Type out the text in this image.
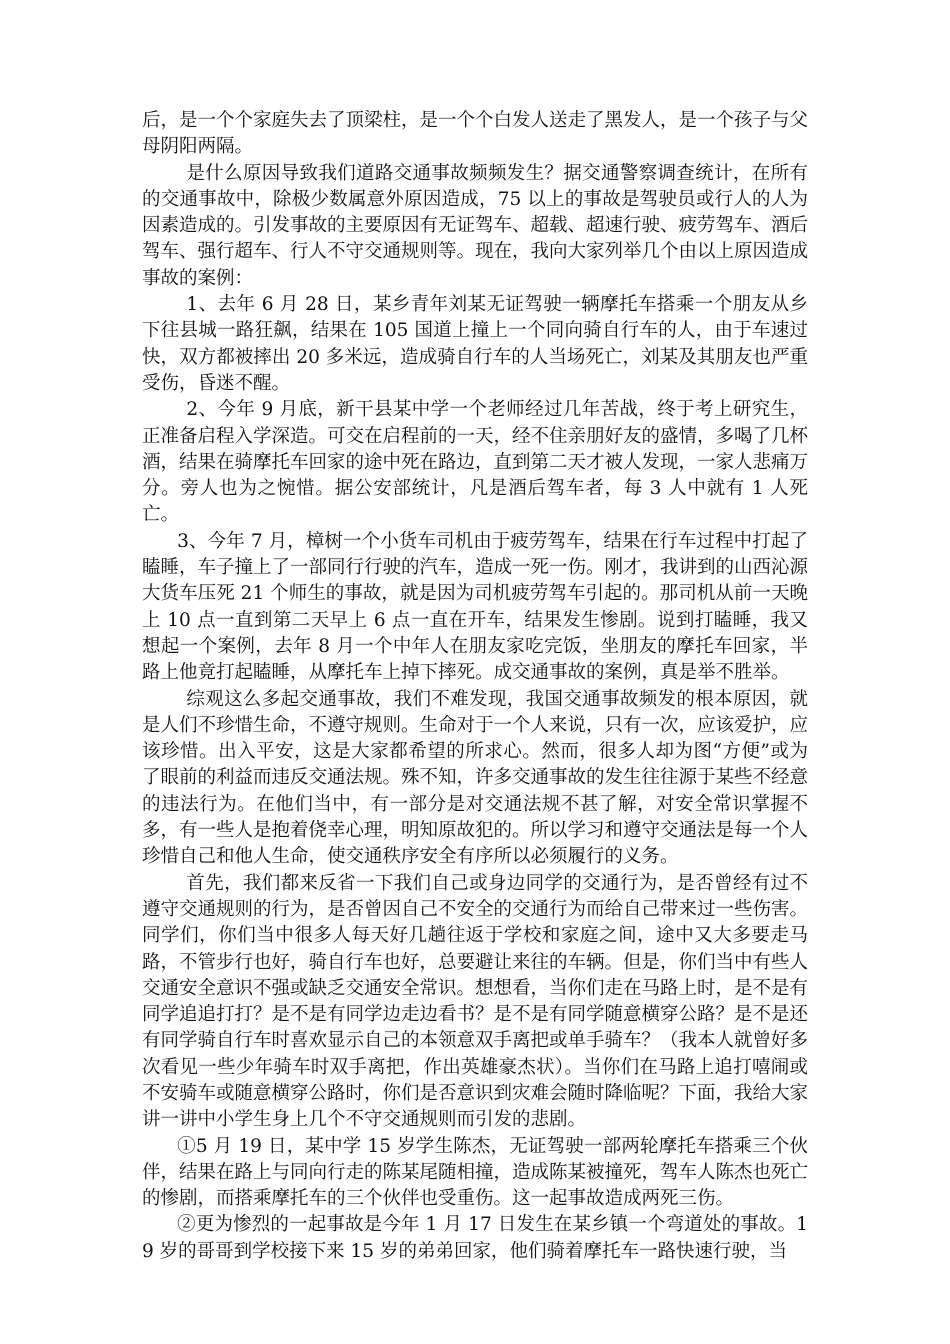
后，是一个个家庭失去了顶梁柱，是一个个白发人送走了黑发人，是一个孩子与父母阴阳两隔。

是什么原因导致我们道路交通事故频频发生？据交通警察调查统计，在所有的交通事故中，除极少数属意外原因造成，75 以上的事故是驾驶员或行人的人为因素造成的。引发事故的主要原因有无证驾车、超载、超速行驶、疲劳驾车、酒后驾车、强行超车、行人不守交通规则等。现在，我向大家列举几个由以上原因造成事故的案例：

1、去年 6 月 28 日，某乡青年刘某无证驾驶一辆摩托车搭乘一个朋友从乡下往县城一路狂飙，结果在 105 国道上撞上一个同向骑自行车的人，由于车速过快，双方都被摔出 20 多米远，造成骑自行车的人当场死亡，刘某及其朋友也严重受伤，昏迷不醒。

2、今年 9 月底，新干县某中学一个老师经过几年苦战，终于考上研究生，正准备启程入学深造。可交在启程前的一天，经不住亲朋好友的盛情，多喝了几杯酒，结果在骑摩托车回家的途中死在路边，直到第二天才被人发现，一家人悲痛万分。旁人也为之惋惜。据公安部统计，凡是酒后驾车者，每 3 人中就有 1 人死亡。

3、今年 7 月，樟树一个小货车司机由于疲劳驾车，结果在行车过程中打起了瞌睡，车子撞上了一部同行行驶的汽车，造成一死一伤。刚才，我讲到的山西沁源大货车压死 21 个师生的事故，就是因为司机疲劳驾车引起的。那司机从前一天晚上 10 点一直到第二天早上 6 点一直在开车，结果发生惨剧。说到打瞌睡，我又想起一个案例，去年 8 月一个中年人在朋友家吃完饭，坐朋友的摩托车回家，半路上他竟打起瞌睡，从摩托车上掉下摔死。成交通事故的案例，真是举不胜举。

综观这么多起交通事故，我们不难发现，我国交通事故频发的根本原因，就是人们不珍惜生命，不遵守规则。生命对于一个人来说，只有一次，应该爱护，应该珍惜。出入平安，这是大家都希望的所求心。然而，很多人却为图“方便”或为了眼前的利益而违反交通法规。殊不知，许多交通事故的发生往往源于某些不经意的违法行为。在他们当中，有一部分是对交通法规不甚了解，对安全常识掌握不多，有一些人是抱着侥幸心理，明知原故犯的。所以学习和遵守交通法是每一个人珍惜自己和他人生命，使交通秩序安全有序所以必须履行的义务。

首先，我们都来反省一下我们自己或身边同学的交通行为，是否曾经有过不遵守交通规则的行为，是否曾因自己不安全的交通行为而给自己带来过一些伤害。同学们，你们当中很多人每天好几趟往返于学校和家庭之间，途中又大多要走马路，不管步行也好，骑自行车也好，总要避让来往的车辆。但是，你们当中有些人交通安全意识不强或缺乏交通安全常识。想想看，当你们走在马路上时，是不是有同学追追打打？是不是有同学边走边看书？是不是有同学随意横穿公路？是不是还有同学骑自行车时喜欢显示自己的本领意双手离把或单手骑车？（我本人就曾好多次看见一些少年骑车时双手离把，作出英雄豪杰状）。当你们在马路上追打嘻闹或不安骑车或随意横穿公路时，你们是否意识到灾难会随时降临呢？下面，我给大家讲一讲中小学生身上几个不守交通规则而引发的悲剧。

①5 月 19 日，某中学 15 岁学生陈杰，无证驾驶一部两轮摩托车搭乘三个伙伴，结果在路上与同向行走的陈某尾随相撞，造成陈某被撞死，驾车人陈杰也死亡的惨剧，而搭乘摩托车的三个伙伴也受重伤。这一起事故造成两死三伤。

②更为惨烈的一起事故是今年 1 月 17 日发生在某乡镇一个弯道处的事故。19 岁的哥哥到学校接下来 15 岁的弟弟回家，他们骑着摩托车一路快速行驶，当
